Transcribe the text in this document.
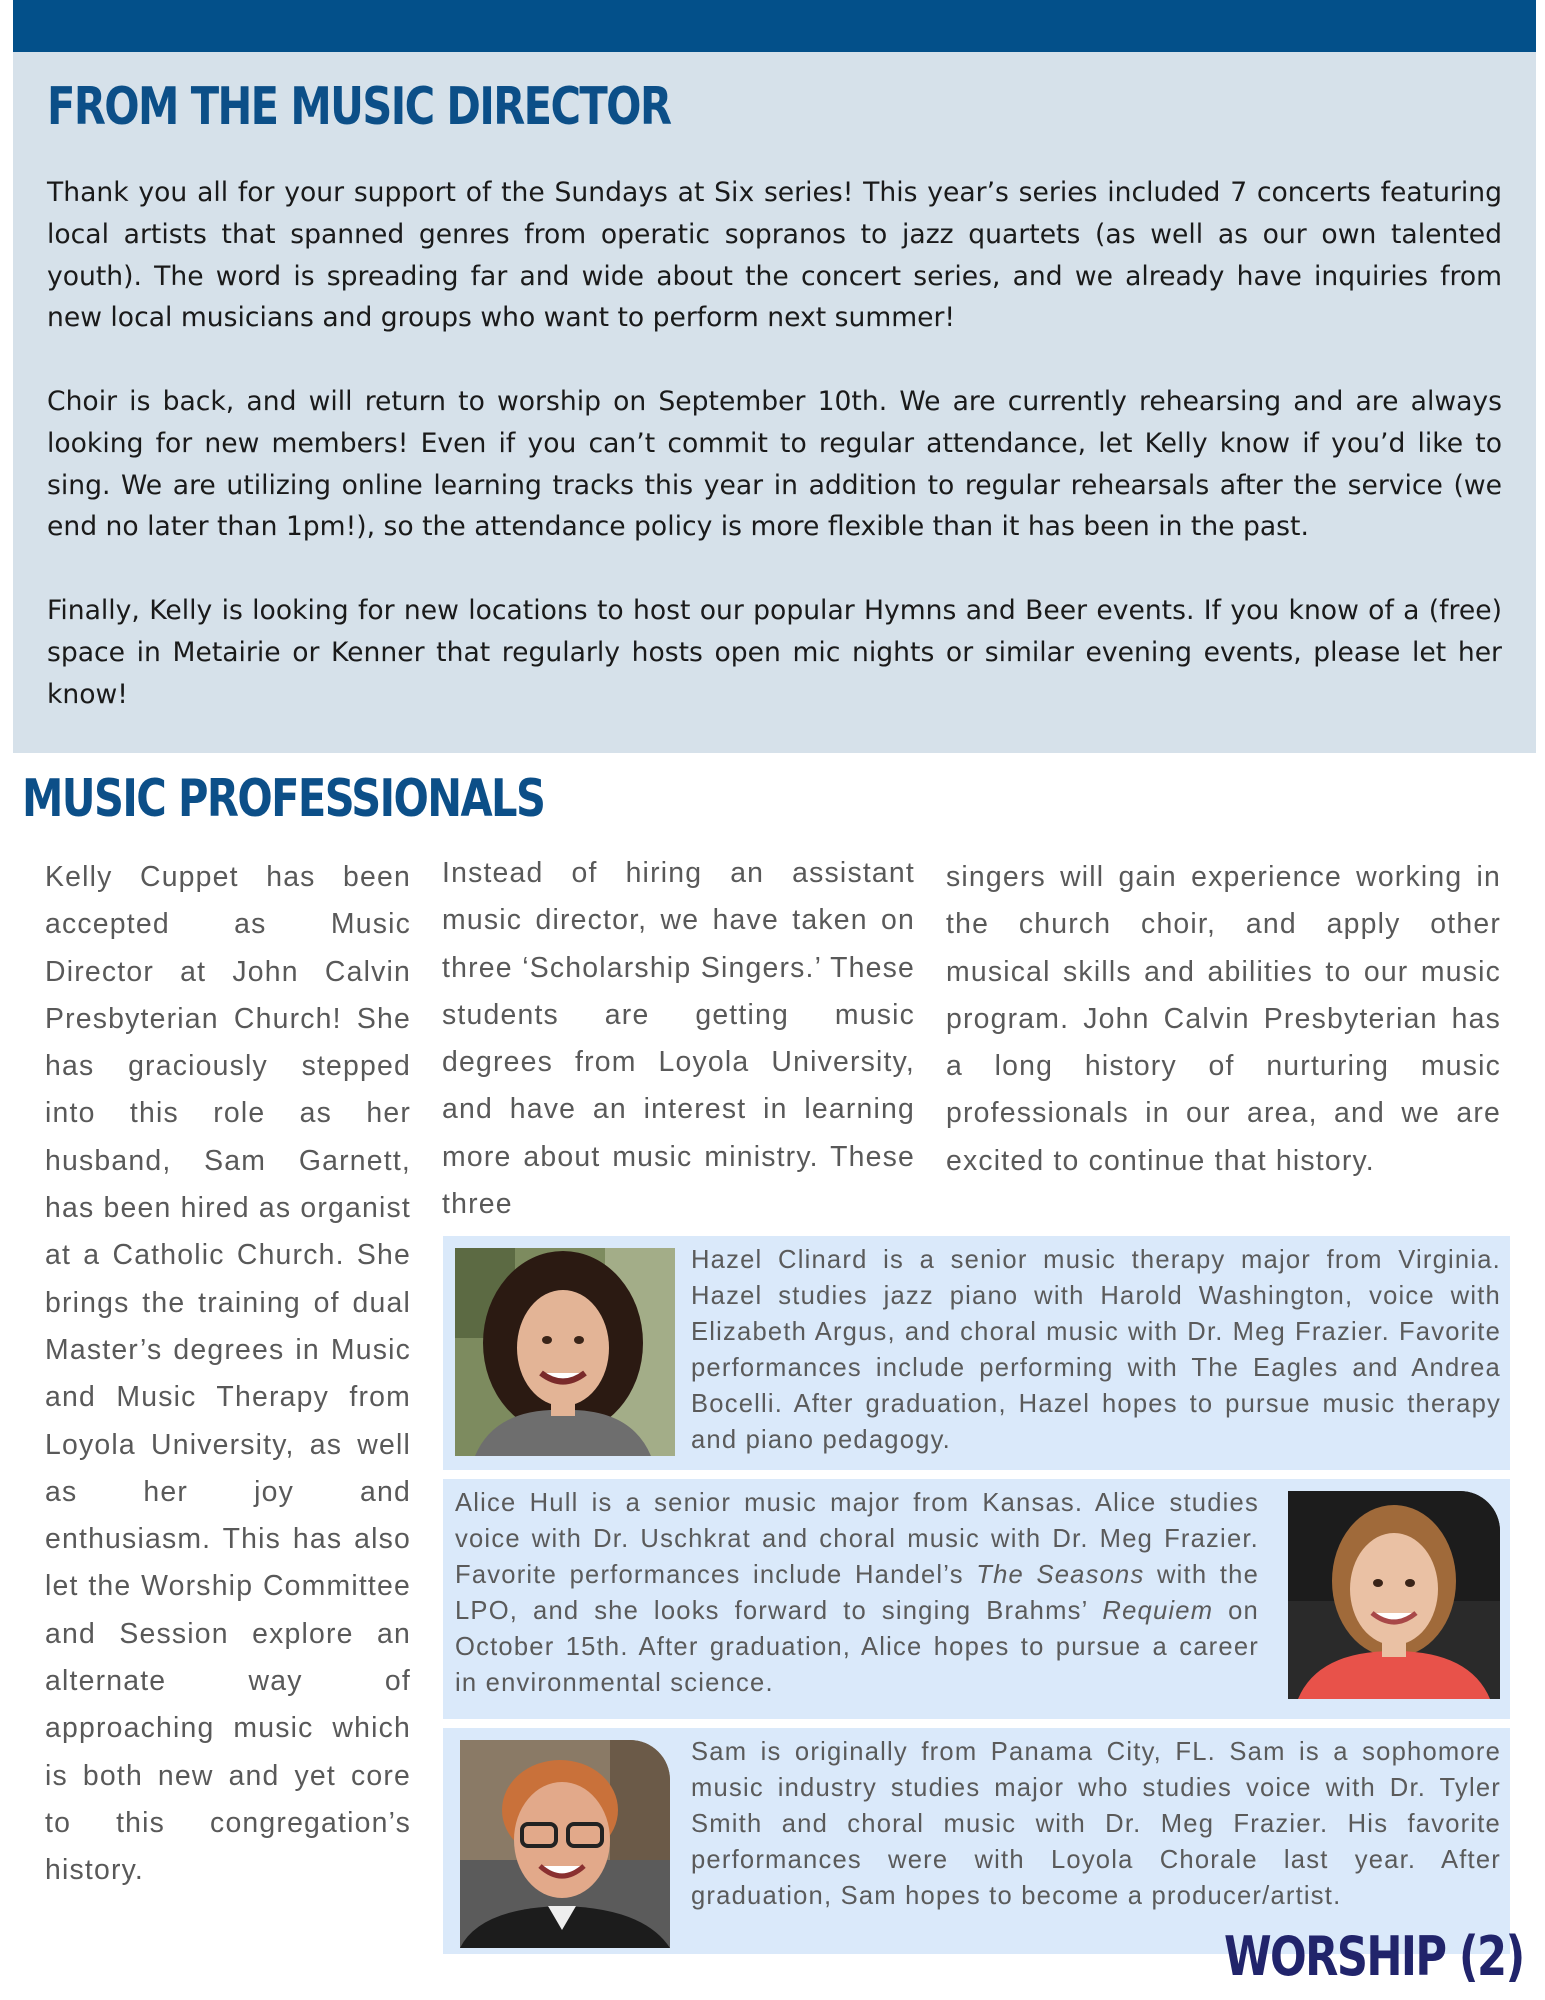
FROM THE MUSIC DIRECTOR

Thank you all for your support of the Sundays at Six series! This year’s series included 7 concerts featuring local artists that spanned genres from operatic sopranos to jazz quartets (as well as our own talented youth). The word is spreading far and wide about the concert series, and we already have inquiries from new local musicians and groups who want to perform next summer!

Choir is back, and will return to worship on September 10th. We are currently rehearsing and are always looking for new members! Even if you can’t commit to regular attendance, let Kelly know if you’d like to sing. We are utilizing online learning tracks this year in addition to regular rehearsals after the service (we end no later than 1pm!), so the attendance policy is more flexible than it has been in the past.

Finally, Kelly is looking for new locations to host our popular Hymns and Beer events. If you know of a (free) space in Metairie or Kenner that regularly hosts open mic nights or similar evening events, please let her know!

MUSIC PROFESSIONALS

Kelly Cuppet has been accepted as Music Director at John Calvin Presbyterian Church! She has graciously stepped into this role as her husband, Sam Garnett, has been hired as organist at a Catholic Church. She brings the training of dual Master’s degrees in Music and Music Therapy from Loyola University, as well as her joy and enthusiasm. This has also let the Worship Committee and Session explore an alternate way of approaching music which is both new and yet core to this congregation’s history.

Instead of hiring an assistant music director, we have taken on three ‘Scholarship Singers.’ These students are getting music degrees from Loyola University, and have an interest in learning more about music ministry. These three

singers will gain experience working in the church choir, and apply other musical skills and abilities to our music program. John Calvin Presbyterian has a long history of nurturing music professionals in our area, and we are excited to continue that history.

Hazel Clinard is a senior music therapy major from Virginia. Hazel studies jazz piano with Harold Washington, voice with Elizabeth Argus, and choral music with Dr. Meg Frazier. Favorite performances include performing with The Eagles and Andrea Bocelli. After graduation, Hazel hopes to pursue music therapy and piano pedagogy.

Alice Hull is a senior music major from Kansas. Alice studies voice with Dr. Uschkrat and choral music with Dr. Meg Frazier. Favorite performances include Handel’s The Seasons with the LPO, and she looks forward to singing Brahms’ Requiem on October 15th. After graduation, Alice hopes to pursue a career in environmental science.

Sam is originally from Panama City, FL. Sam is a sophomore music industry studies major who studies voice with Dr. Tyler Smith and choral music with Dr. Meg Frazier. His favorite performances were with Loyola Chorale last year. After graduation, Sam hopes to become a producer/artist.

WORSHIP (2)
